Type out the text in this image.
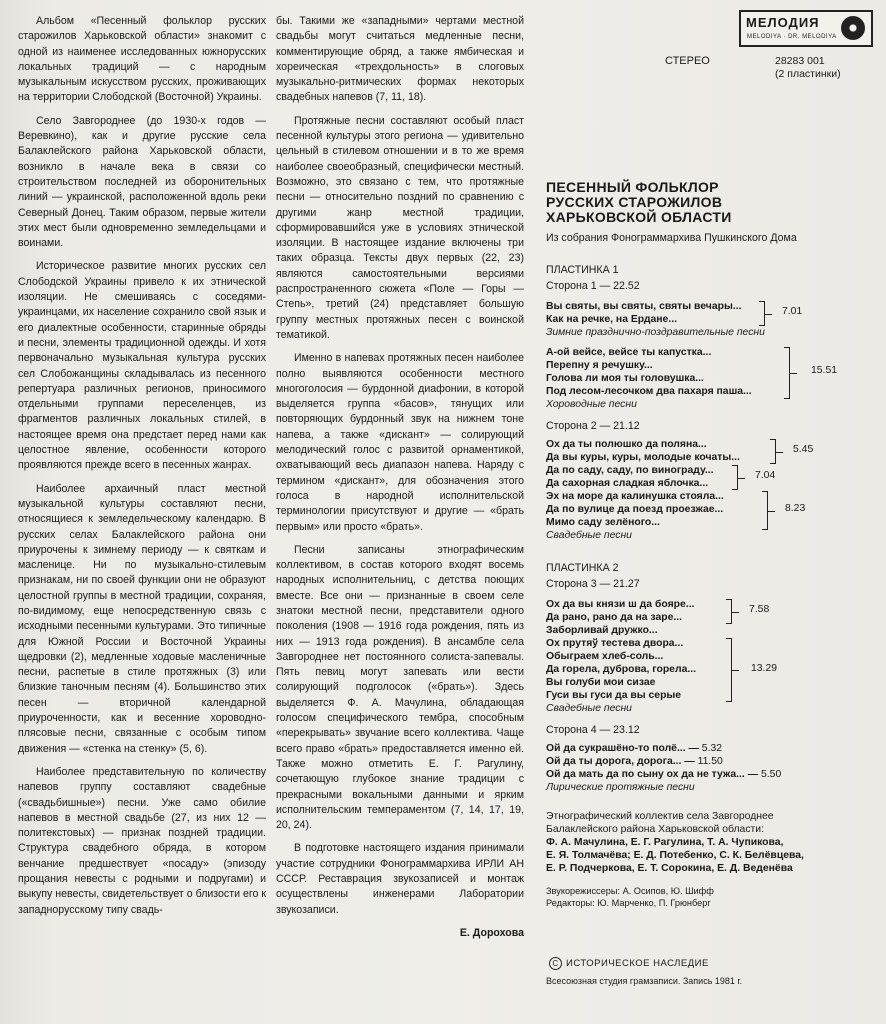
Альбом «Песенный фольклор русских старожилов Харьковской области» знакомит с одной из наименее исследованных южнорусских локальных традиций — с народным музыкальным искусством русских, проживающих на территории Слободской (Восточной) Украины.

Село Завгороднее (до 1930-х годов — Веревкино), как и другие русские села Балаклейского района Харьковской области, возникло в начале века в связи со строительством последней из оборонительных линий — украинской, расположенной вдоль реки Северный Донец. Таким образом, первые жители этих мест были одновременно земледельцами и воинами.

Историческое развитие многих русских сел Слободской Украины привело к их этнической изоляции. Не смешиваясь с соседями-украинцами, их население сохранило свой язык и его диалектные особенности, старинные обряды и песни, элементы традиционной одежды. И хотя первоначально музыкальная культура русских сел Слобожанщины складывалась из песенного репертуара различных регионов, приносимого отдельными группами переселенцев, из фрагментов различных локальных стилей, в настоящее время она предстает перед нами как целостное явление, особенности которого проявляются прежде всего в песенных жанрах.

Наиболее архаичный пласт местной музыкальной культуры составляют песни, относящиеся к земледельческому календарю. В русских селах Балаклейского района они приурочены к зимнему периоду — к святкам и масленице. Ни по музыкально-стилевым признакам, ни по своей функции они не образуют целостной группы в местной традиции, сохраняя, по-видимому, еще непосредственную связь с исходными песенными культурами. Это типичные для Южной России и Восточной Украины щедровки (2), медленные ходовые масленичные песни, распетые в стиле протяжных (3) или близкие таночным песням (4). Большинство этих песен — вторичной календарной приуроченности, как и весенние хороводно-плясовые песни, связанные с особым типом движения — «стенка на стенку» (5, 6).

Наиболее представительную по количеству напевов группу составляют свадебные («свадьбишные») песни. Уже само обилие напевов в местной свадьбе (27, из них 12 — политекстовых) — признак поздней традиции. Структура свадебного обряда, в котором венчание предшествует «посаду» (эпизоду прощания невесты с родными и подругами) и выкупу невесты, свидетельствует о близости его к западнорусскому типу свадь-

бы. Такими же «западными» чертами местной свадьбы могут считаться медленные песни, комментирующие обряд, а также ямбическая и хореическая «трехдольность» в слоговых музыкально-ритмических формах некоторых свадебных напевов (7, 11, 18).

Протяжные песни составляют особый пласт песенной культуры этого региона — удивительно цельный в стилевом отношении и в то же время наиболее своеобразный, специфически местный. Возможно, это связано с тем, что протяжные песни — относительно поздний по сравнению с другими жанр местной традиции, сформировавшийся уже в условиях этнической изоляции. В настоящее издание включены три таких образца. Тексты двух первых (22, 23) являются самостоятельными версиями распространенного сюжета «Поле — Горы — Степь», третий (24) представляет большую группу местных протяжных песен с воинской тематикой.

Именно в напевах протяжных песен наиболее полно выявляются особенности местного многоголосия — бурдонной диафонии, в которой выделяется группа «басов», тянущих или повторяющих бурдонный звук на нижнем тоне напева, а также «дискант» — солирующий мелодический голос с развитой орнаментикой, охватывающий весь диапазон напева. Наряду с термином «дискант», для обозначения этого голоса в народной исполнительской терминологии присутствуют и другие — «брать первым» или просто «брать».

Песни записаны этнографическим коллективом, в состав которого входят восемь народных исполнительниц, с детства поющих вместе. Все они — признанные в своем селе знатоки местной песни, представители одного поколения (1908 — 1916 года рождения, пять из них — 1913 года рождения). В ансамбле села Завгороднее нет постоянного солиста-запевалы. Пять певиц могут запевать или вести солирующий подголосок («брать»). Здесь выделяется Ф. А. Мачулина, обладающая голосом специфического тембра, способным «перекрывать» звучание всего коллектива. Чаще всего право «брать» предоставляется именно ей. Также можно отметить Е. Г. Рагулину, сочетающую глубокое знание традиции с прекрасными вокальными данными и ярким исполнительским темпераментом (7, 14, 17, 19, 20, 24).

В подготовке настоящего издания принимали участие сотрудники Фонограммархива ИРЛИ АН СССР. Реставрация звукозаписей и монтаж осуществлены инженерами Лаборатории звукозаписи.

Е. Дорохова
МЕЛОДИЯ
MELODIYA · DR. MELODIYA
СТЕРЕО	28283 001
(2 пластинки)
ПЕСЕННЫЙ ФОЛЬКЛОР
РУССКИХ СТАРОЖИЛОВ
ХАРЬКОВСКОЙ ОБЛАСТИ
Из собрания Фонограммархива Пушкинского Дома
ПЛАСТИНКА 1
Сторона 1 — 22.52
Вы святы, вы святы, святы вечары...
Как на речке, на Ердане...
7.01
Зимние празднично-поздравительные песни
А-ой вейсе, вейсе ты капустка...
Перепну я речушку...
Голова ли моя ты головушка...
Под лесом-лесочком два пахаря паша...
15.51
Хороводные песни
Сторона 2 — 21.12
Ох да ты полюшко да поляна...
Да вы куры, куры, молодые кочаты...
5.45
Да по саду, саду, по винограду...
Да сахорная сладкая яблочка...
7.04
Эх на море да калинушка стояла...
Да по вулице да поезд проезжае...
Мимо саду зелёного...
8.23
Свадебные песни
ПЛАСТИНКА 2
Сторона 3 — 21.27
Ох да вы князи ш да бояре...
Да рано, рано да на заре...
7.58
Заборливай дружко...
Ох прутяў тестева двора...
Обыграем хлеб-соль...
Да горела, дуброва, горела...
Вы голуби мои сизае
Гуси вы гуси да вы серые
13.29
Свадебные песни
Сторона 4 — 23.12
Ой да сукрашёно-то полё... — 5.32
Ой да ты дорога, дорога... — 11.50
Ой да мать да по сыну ох да не тужа... — 5.50
Лирические протяжные песни
Этнографический коллектив села Завгороднее
Балаклейского района Харьковской области:
Ф. А. Мачулина, Е. Г. Рагулина, Т. А. Чупикова,
Е. Я. Толмачёва; Е. Д. Потебенко, С. К. Белёвцева,
Е. Р. Подчеркова, Е. Т. Сорокина, Е. Д. Веденёва
Звукорежиссеры: А. Осипов, Ю. Шифф
Редакторы: Ю. Марченко, П. Грюнберг
C ИСТОРИЧЕСКОЕ НАСЛЕДИЕ
Всесоюзная студия грамзаписи. Запись 1981 г.
